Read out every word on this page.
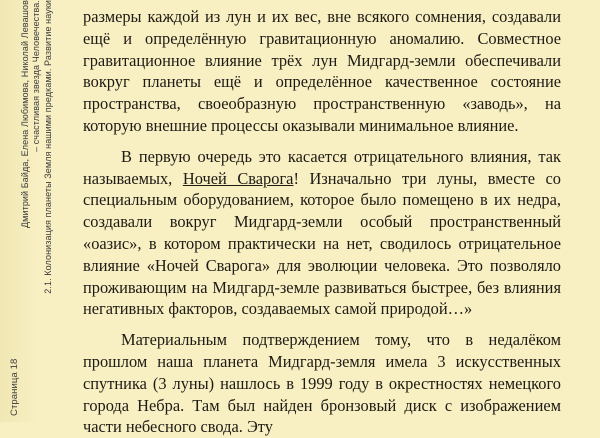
Страница 18
Дмитрий Байда, Елена Любимова, Николай Левашов – счастливая звезда Человечества. 2.1. Колонизация планеты Земля нашими предками. Развитие науки размеры каждой из лун и их вес, вне всякого сомнения, создавали ещё и определённую гравитационную аномалию. Совместное гравитационное влияние трёх лун Мидгард-земли обеспечивали вокруг планеты ещё и определённое качественное состояние пространства, своеобразную пространственную «заводь», на которую внешние процессы оказывали минимальное влияние.

В первую очередь это касается отрицательного влияния, так называемых, Ночей Сварога! Изначально три луны, вместе со специальным оборудованием, которое было помещено в их недра, создавали вокруг Мидгард-земли особый пространственный «оазис», в котором практически на нет, сводилось отрицательное влияние «Ночей Сварога» для эволюции человека. Это позволяло проживающим на Мидгард-земле развиваться быстрее, без влияния негативных факторов, создаваемых самой природой…»

Материальным подтверждением тому, что в недалёком прошлом наша планета Мидгард-земля имела 3 искусственных спутника (3 луны) нашлось в 1999 году в окрестностях немецкого города Небра. Там был найден бронзовый диск с изображением части небесного свода. Эту
